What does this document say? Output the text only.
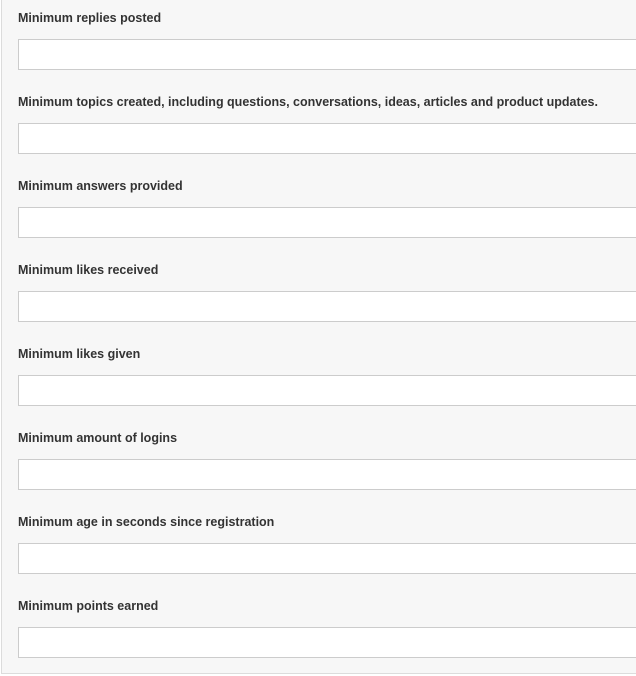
Minimum replies posted
Minimum topics created, including questions, conversations, ideas, articles and product updates.
Minimum answers provided
Minimum likes received
Minimum likes given
Minimum amount of logins
Minimum age in seconds since registration
Minimum points earned
